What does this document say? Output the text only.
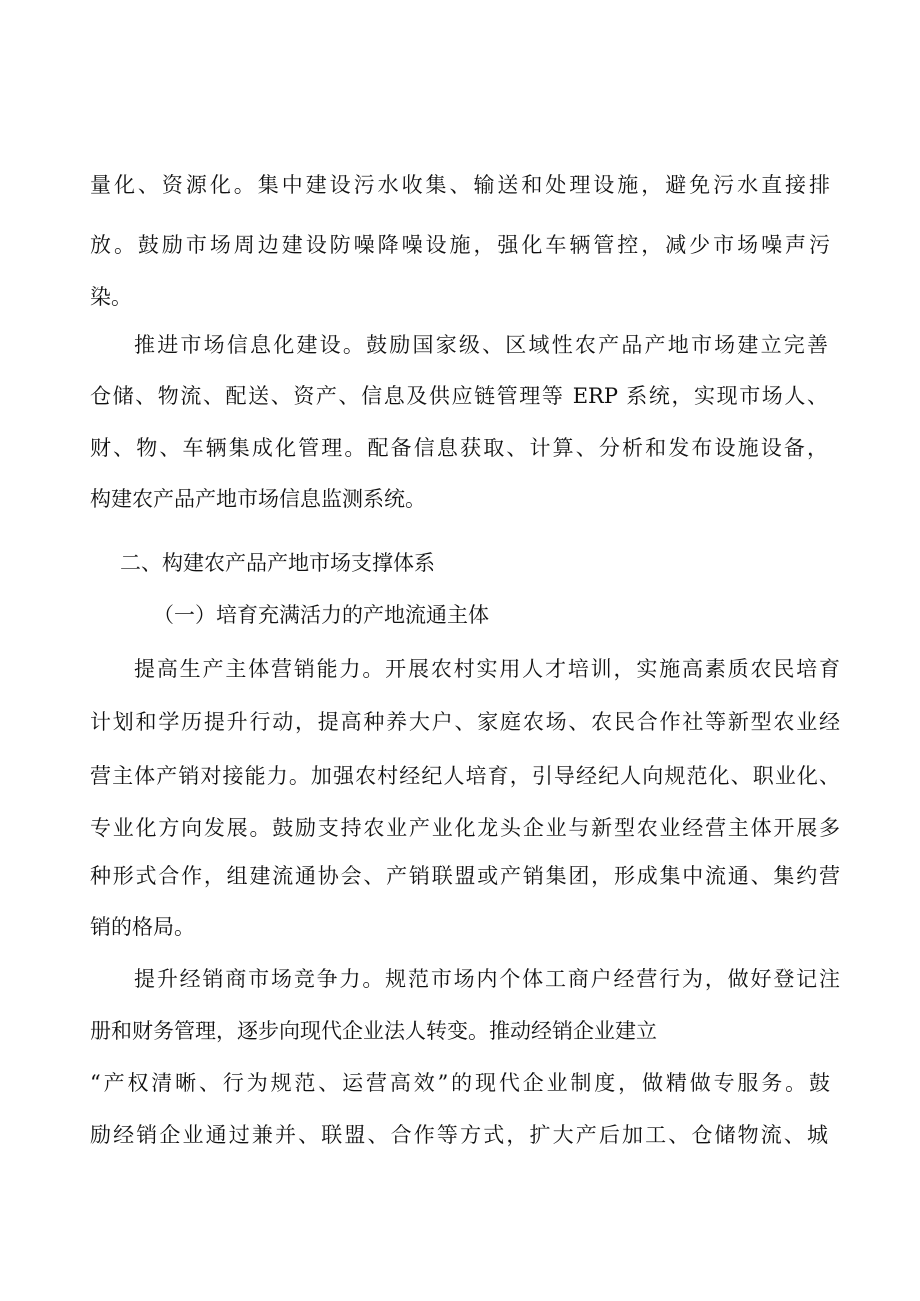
量化、资源化。集中建设污水收集、输送和处理设施，避免污水直接排
放。鼓励市场周边建设防噪降噪设施，强化车辆管控，减少市场噪声污
染。
推进市场信息化建设。鼓励国家级、区域性农产品产地市场建立完善
仓储、物流、配送、资产、信息及供应链管理等 ERP 系统，实现市场人、
财、物、车辆集成化管理。配备信息获取、计算、分析和发布设施设备，
构建农产品产地市场信息监测系统。
二、构建农产品产地市场支撑体系
（一）培育充满活力的产地流通主体
提高生产主体营销能力。开展农村实用人才培训，实施高素质农民培育
计划和学历提升行动，提高种养大户、家庭农场、农民合作社等新型农业经
营主体产销对接能力。加强农村经纪人培育，引导经纪人向规范化、职业化、
专业化方向发展。鼓励支持农业产业化龙头企业与新型农业经营主体开展多
种形式合作，组建流通协会、产销联盟或产销集团，形成集中流通、集约营
销的格局。
提升经销商市场竞争力。规范市场内个体工商户经营行为，做好登记注
册和财务管理，逐步向现代企业法人转变。推动经销企业建立
“产权清晰、行为规范、运营高效”的现代企业制度，做精做专服务。鼓
励经销企业通过兼并、联盟、合作等方式，扩大产后加工、仓储物流、城
